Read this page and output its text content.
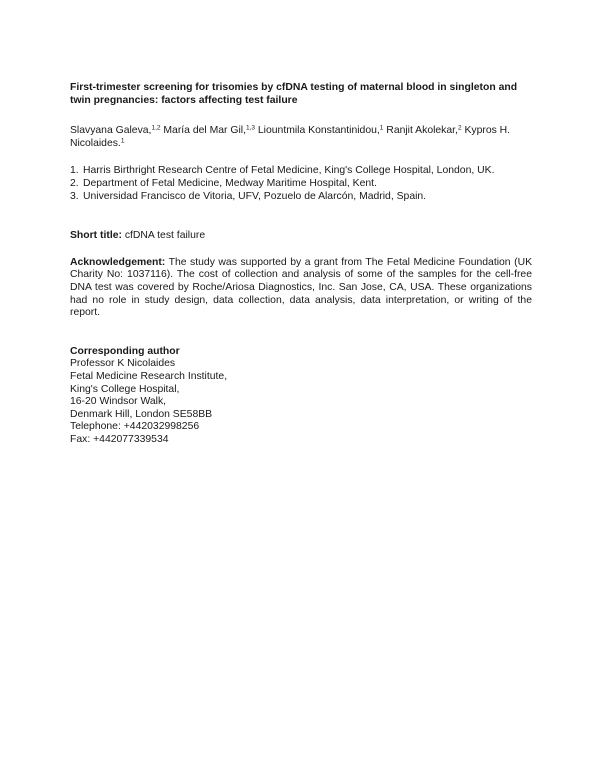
First-trimester screening for trisomies by cfDNA testing of maternal blood in singleton and twin pregnancies: factors affecting test failure
Slavyana Galeva,$^{1,2}$ María del Mar Gil,$^{1,3}$ Liountmila Konstantinidou,$^1$ Ranjit Akolekar,$^2$ Kypros H. Nicolaides.$^1$
1. Harris Birthright Research Centre of Fetal Medicine, King's College Hospital, London, UK.
2. Department of Fetal Medicine, Medway Maritime Hospital, Kent.
3. Universidad Francisco de Vitoria, UFV, Pozuelo de Alarcón, Madrid, Spain.
Short title: cfDNA test failure
Acknowledgement: The study was supported by a grant from The Fetal Medicine Foundation (UK Charity No: 1037116). The cost of collection and analysis of some of the samples for the cell-free DNA test was covered by Roche/Ariosa Diagnostics, Inc. San Jose, CA, USA. These organizations had no role in study design, data collection, data analysis, data interpretation, or writing of the report.
Corresponding author
Professor K Nicolaides
Fetal Medicine Research Institute,
King's College Hospital,
16-20 Windsor Walk,
Denmark Hill, London SE58BB
Telephone: +442032998256
Fax: +442077339534
